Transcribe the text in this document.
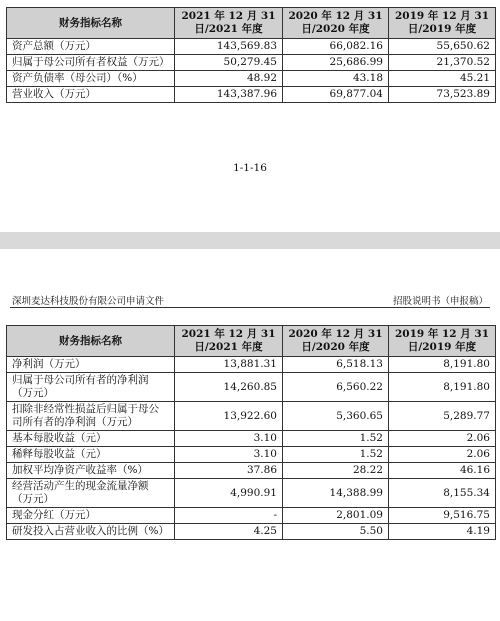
财务指标名称	2021 年 12 月 31 日/2021 年度	2020 年 12 月 31 日/2020 年度	2019 年 12 月 31 日/2019 年度
资产总额（万元）	143,569.83	66,082.16	55,650.62
归属于母公司所有者权益（万元）	50,279.45	25,686.99	21,370.52
资产负债率（母公司）（%）	48.92	43.18	45.21
营业收入（万元）	143,387.96	69,877.04	73,523.89
1-1-16
深圳麦达科技股份有限公司申请文件	招股说明书（申报稿）
财务指标名称	2021 年 12 月 31 日/2021 年度	2020 年 12 月 31 日/2020 年度	2019 年 12 月 31 日/2019 年度
净利润（万元）	13,881.31	6,518.13	8,191.80
归属于母公司所有者的净利润（万元）	14,260.85	6,560.22	8,191.80
扣除非经常性损益后归属于母公司所有者的净利润（万元）	13,922.60	5,360.65	5,289.77
基本每股收益（元）	3.10	1.52	2.06
稀释每股收益（元）	3.10	1.52	2.06
加权平均净资产收益率（%）	37.86	28.22	46.16
经营活动产生的现金流量净额（万元）	4,990.91	14,388.99	8,155.34
现金分红（万元）	-	2,801.09	9,516.75
研发投入占营业收入的比例（%）	4.25	5.50	4.19
